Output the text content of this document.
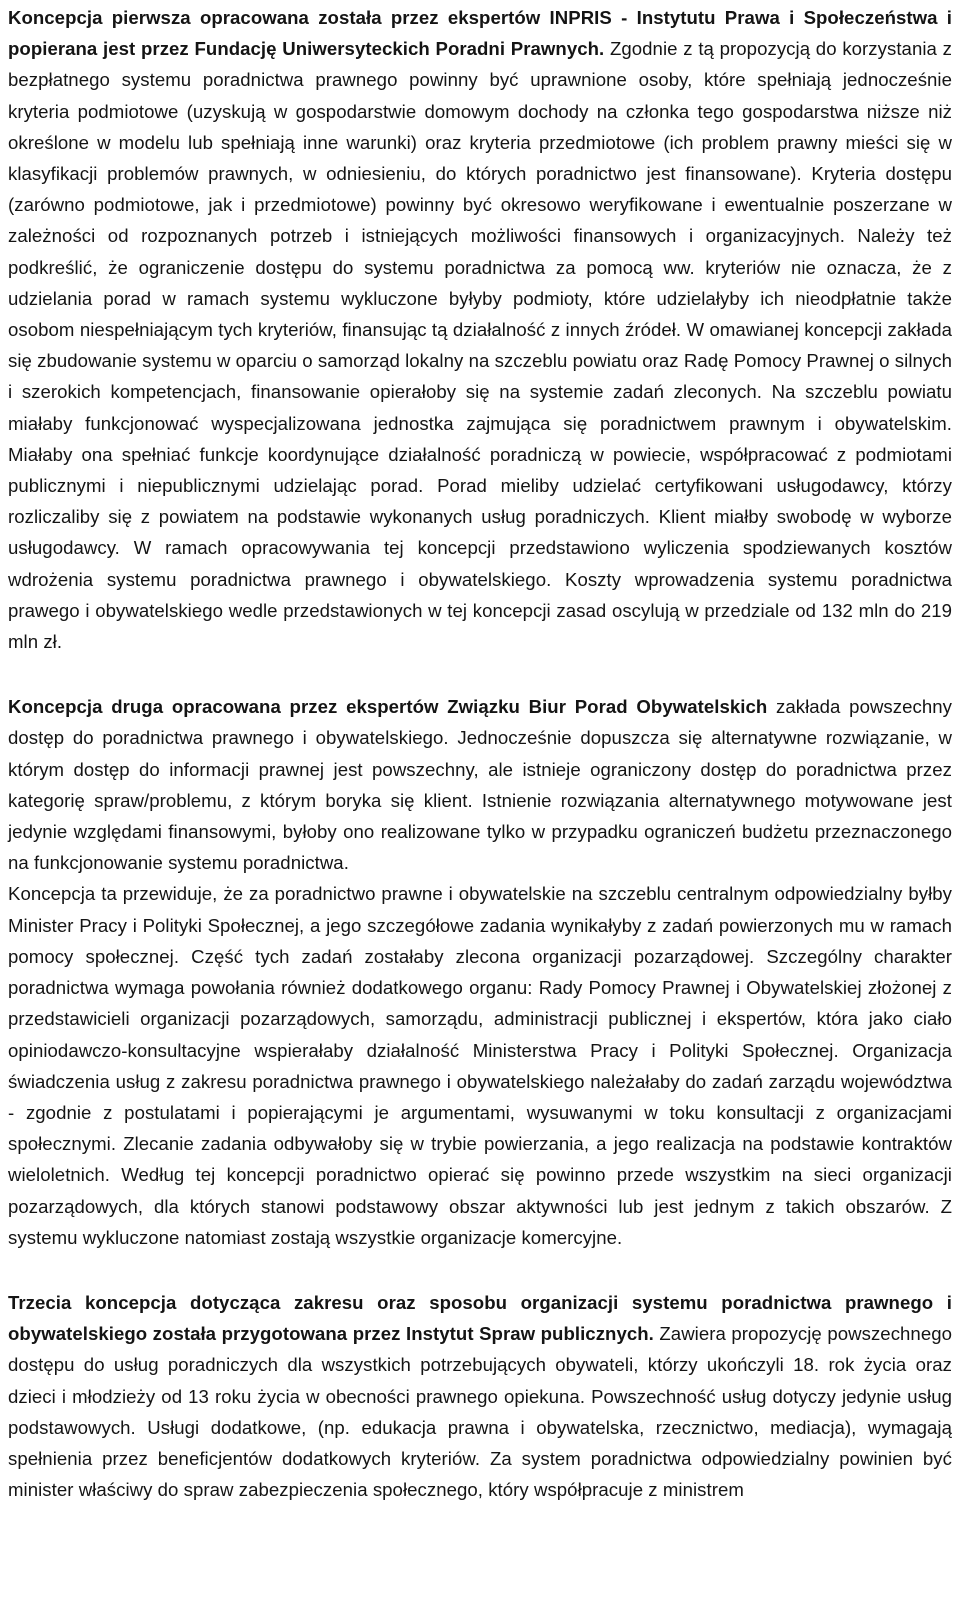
Koncepcja pierwsza opracowana została przez ekspertów INPRIS - Instytutu Prawa i Społeczeństwa i popierana jest przez Fundację Uniwersyteckich Poradni Prawnych. Zgodnie z tą propozycją do korzystania z bezpłatnego systemu poradnictwa prawnego powinny być uprawnione osoby, które spełniają jednocześnie kryteria podmiotowe (uzyskują w gospodarstwie domowym dochody na członka tego gospodarstwa niższe niż określone w modelu lub spełniają inne warunki) oraz kryteria przedmiotowe (ich problem prawny mieści się w klasyfikacji problemów prawnych, w odniesieniu, do których poradnictwo jest finansowane). Kryteria dostępu (zarówno podmiotowe, jak i przedmiotowe) powinny być okresowo weryfikowane i ewentualnie poszerzane w zależności od rozpoznanych potrzeb i istniejących możliwości finansowych i organizacyjnych. Należy też podkreślić, że ograniczenie dostępu do systemu poradnictwa za pomocą ww. kryteriów nie oznacza, że z udzielania porad w ramach systemu wykluczone byłyby podmioty, które udzielałyby ich nieodpłatnie także osobom niespełniającym tych kryteriów, finansując tą działalność z innych źródeł. W omawianej koncepcji zakłada się zbudowanie systemu w oparciu o samorząd lokalny na szczeblu powiatu oraz Radę Pomocy Prawnej o silnych i szerokich kompetencjach, finansowanie opierałoby się na systemie zadań zleconych. Na szczeblu powiatu miałaby funkcjonować wyspecjalizowana jednostka zajmująca się poradnictwem prawnym i obywatelskim. Miałaby ona spełniać funkcje koordynujące działalność poradniczą w powiecie, współpracować z podmiotami publicznymi i niepublicznymi udzielając porad. Porad mieliby udzielać certyfikowani usługodawcy, którzy rozliczaliby się z powiatem na podstawie wykonanych usług poradniczych. Klient miałby swobodę w wyborze usługodawcy. W ramach opracowywania tej koncepcji przedstawiono wyliczenia spodziewanych kosztów wdrożenia systemu poradnictwa prawnego i obywatelskiego. Koszty wprowadzenia systemu poradnictwa prawego i obywatelskiego wedle przedstawionych w tej koncepcji zasad oscylują w przedziale od 132 mln do 219 mln zł.

Koncepcja druga opracowana przez ekspertów Związku Biur Porad Obywatelskich zakłada powszechny dostęp do poradnictwa prawnego i obywatelskiego. Jednocześnie dopuszcza się alternatywne rozwiązanie, w którym dostęp do informacji prawnej jest powszechny, ale istnieje ograniczony dostęp do poradnictwa przez kategorię spraw/problemu, z którym boryka się klient. Istnienie rozwiązania alternatywnego motywowane jest jedynie względami finansowymi, byłoby ono realizowane tylko w przypadku ograniczeń budżetu przeznaczonego na funkcjonowanie systemu poradnictwa.

Koncepcja ta przewiduje, że za poradnictwo prawne i obywatelskie na szczeblu centralnym odpowiedzialny byłby Minister Pracy i Polityki Społecznej, a jego szczegółowe zadania wynikałyby z zadań powierzonych mu w ramach pomocy społecznej. Część tych zadań zostałaby zlecona organizacji pozarządowej. Szczególny charakter poradnictwa wymaga powołania również dodatkowego organu: Rady Pomocy Prawnej i Obywatelskiej złożonej z przedstawicieli organizacji pozarządowych, samorządu, administracji publicznej i ekspertów, która jako ciało opiniodawczo-konsultacyjne wspierałaby działalność Ministerstwa Pracy i Polityki Społecznej. Organizacja świadczenia usług z zakresu poradnictwa prawnego i obywatelskiego należałaby do zadań zarządu województwa - zgodnie z postulatami i popierającymi je argumentami, wysuwanymi w toku konsultacji z organizacjami społecznymi. Zlecanie zadania odbywałoby się w trybie powierzania, a jego realizacja na podstawie kontraktów wieloletnich. Według tej koncepcji poradnictwo opierać się powinno przede wszystkim na sieci organizacji pozarządowych, dla których stanowi podstawowy obszar aktywności lub jest jednym z takich obszarów. Z systemu wykluczone natomiast zostają wszystkie organizacje komercyjne.

Trzecia koncepcja dotycząca zakresu oraz sposobu organizacji systemu poradnictwa prawnego i obywatelskiego została przygotowana przez Instytut Spraw publicznych. Zawiera propozycję powszechnego dostępu do usług poradniczych dla wszystkich potrzebujących obywateli, którzy ukończyli 18. rok życia oraz dzieci i młodzieży od 13 roku życia w obecności prawnego opiekuna. Powszechność usług dotyczy jedynie usług podstawowych. Usługi dodatkowe, (np. edukacja prawna i obywatelska, rzecznictwo, mediacja), wymagają spełnienia przez beneficjentów dodatkowych kryteriów. Za system poradnictwa odpowiedzialny powinien być minister właściwy do spraw zabezpieczenia społecznego, który współpracuje z ministrem
